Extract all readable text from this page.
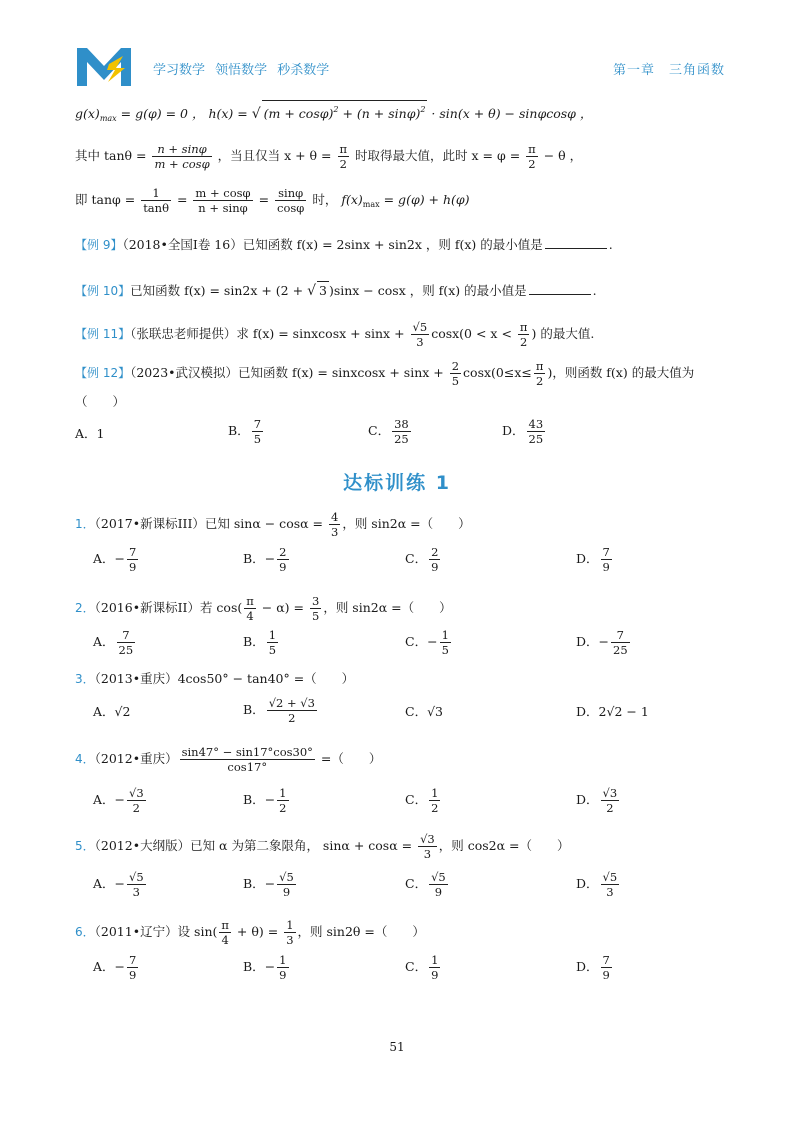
学习数学 领悟数学 秒杀数学	第一章　三角函数
$g(x)_{max} = g(\varphi) = 0$ ， h(x) = √ $(m + \cos\varphi)^2 + (n + \sin\varphi)^2 \cdot \sin(x + \theta) - \sin\varphi\cos\varphi$ ，
其中 $\tan\theta = \frac{n + \sin\varphi}{m + \cos\varphi}$ ，当且仅当 $x + \theta = \frac{\pi}{2}$ 时取得最大值，此时 $x = \varphi = \frac{\pi}{2} - \theta$ ，
即 $\tan\varphi = \frac{1}{\tan\theta} = \frac{m + \cos\varphi}{n + \sin\varphi} = \frac{\sin\varphi}{\cos\varphi}$ 时， $f(x)_{max} = g(\varphi) + h(\varphi)$
【例 9】（2018•全国Ⅰ卷 16）已知函数 f(x) = 2sinx + sin2x ，则 f(x) 的最小值是	.
【例 10】已知函数 f(x) = sin2x + (2 + √ 3 )sinx − cosx ，则 f(x) 的最小值是	.
【例 11】（张联忠老师提供）求 f(x) = sinxcosx + $\sin x + \frac{√5}{3} \cos x(0 < x < \frac{\pi}{2}$ ) 的最大值.
【例 12】（2023•武汉模拟）已知函数 f(x) = sinxcosx + $\sin x + \frac{2}{5} \cos x(0\le x\le \frac{\pi}{2}$ )，则函数 f(x) 的最大值为
（　　）
A．1	B． $\frac{7}{5}$	C． $\frac{38}{25}$	D． $\frac{43}{25}$
达标训练 1
1．（2017•新课标III）已知 $\sin\alpha - \cos\alpha = \frac{4}{3}$ ，则 sin2α =（　　）
A．− $\frac{7}{9}$	B．− $\frac{2}{9}$	C． $\frac{2}{9}$	D． $\frac{7}{9}$
2．（2016•新课标II）若 $\cos( \frac{\pi}{4} - \alpha) = \frac{3}{5}$ ，则 sin2α =（　　）
A． $\frac{7}{25}$	B． $\frac{1}{5}$	C．− $\frac{1}{5}$	D．− $\frac{7}{25}$
3．（2013•重庆）4cos50° − tan40° =（　　）
A．√2	B． $\frac{√2 + √3}{2}$	C．√3	D．2√2 − 1
4．（2012•重庆） $\frac{\sin 47^\circ - \sin 17^\circ\cos 30^\circ}{\cos 17^\circ}$ =（　　）
A．− $\frac{√3}{2}$	B．− $\frac{1}{2}$	C． $\frac{1}{2}$	D． $\frac{√3}{2}$
5．（2012•大纲版）已知 α 为第二象限角， $\sin\alpha + \cos\alpha = \frac{√3}{3}$ ，则 cos2α =（　　）
A．− $\frac{√5}{3}$	B．− $\frac{√5}{9}$	C． $\frac{√5}{9}$	D． $\frac{√5}{3}$
6．（2011•辽宁）设 $\sin( \frac{\pi}{4} + \theta) = \frac{1}{3}$ ，则 sin2θ =（　　）
A．− $\frac{7}{9}$	B．− $\frac{1}{9}$	C． $\frac{1}{9}$	D． $\frac{7}{9}$
51
